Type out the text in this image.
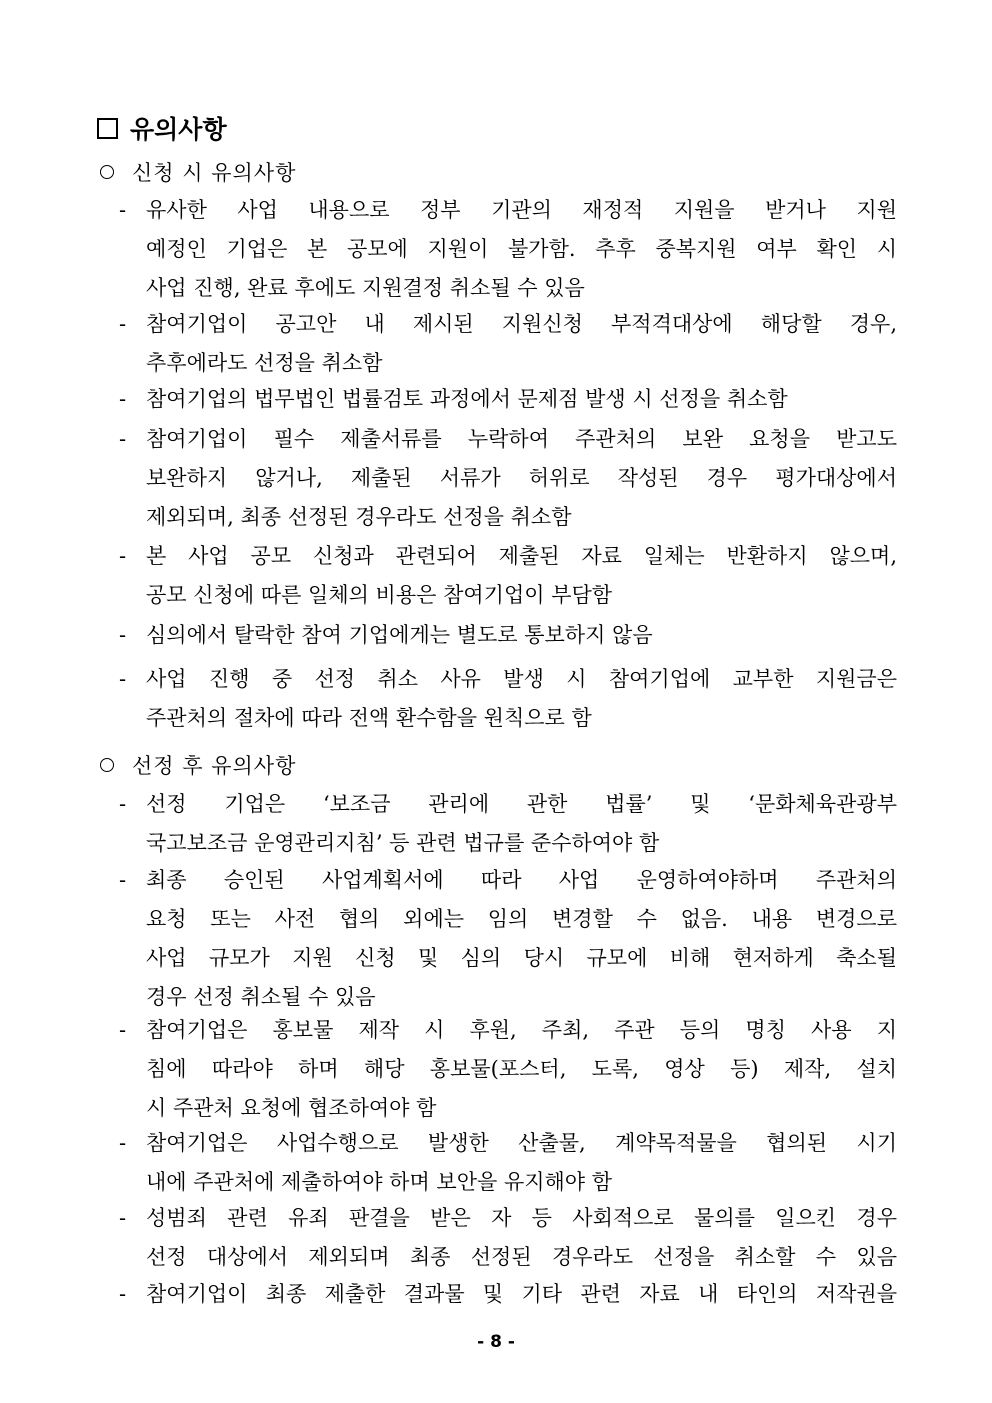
유의사항
신청 시 유의사항
- 유사한 사업 내용으로 정부 기관의 재정적 지원을 받거나 지원
예정인 기업은 본 공모에 지원이 불가함. 추후 중복지원 여부 확인 시
사업 진행, 완료 후에도 지원결정 취소될 수 있음
- 참여기업이 공고안 내 제시된 지원신청 부적격대상에 해당할 경우,
추후에라도 선정을 취소함
- 참여기업의 법무법인 법률검토 과정에서 문제점 발생 시 선정을 취소함
- 참여기업이 필수 제출서류를 누락하여 주관처의 보완 요청을 받고도
보완하지 않거나, 제출된 서류가 허위로 작성된 경우 평가대상에서
제외되며, 최종 선정된 경우라도 선정을 취소함
- 본 사업 공모 신청과 관련되어 제출된 자료 일체는 반환하지 않으며,
공모 신청에 따른 일체의 비용은 참여기업이 부담함
- 심의에서 탈락한 참여 기업에게는 별도로 통보하지 않음
- 사업 진행 중 선정 취소 사유 발생 시 참여기업에 교부한 지원금은
주관처의 절차에 따라 전액 환수함을 원칙으로 함
선정 후 유의사항
- 선정 기업은 ‘보조금 관리에 관한 법률’ 및 ‘문화체육관광부
국고보조금 운영관리지침’ 등 관련 법규를 준수하여야 함
- 최종 승인된 사업계획서에 따라 사업 운영하여야하며 주관처의
요청 또는 사전 협의 외에는 임의 변경할 수 없음. 내용 변경으로
사업 규모가 지원 신청 및 심의 당시 규모에 비해 현저하게 축소될
경우 선정 취소될 수 있음
- 참여기업은 홍보물 제작 시 후원, 주최, 주관 등의 명칭 사용 지
침에 따라야 하며 해당 홍보물(포스터, 도록, 영상 등) 제작, 설치
시 주관처 요청에 협조하여야 함
- 참여기업은 사업수행으로 발생한 산출물, 계약목적물을 협의된 시기
내에 주관처에 제출하여야 하며 보안을 유지해야 함
- 성범죄 관련 유죄 판결을 받은 자 등 사회적으로 물의를 일으킨 경우
선정 대상에서 제외되며 최종 선정된 경우라도 선정을 취소할 수 있음
- 참여기업이 최종 제출한 결과물 및 기타 관련 자료 내 타인의 저작권을
- 8 -
